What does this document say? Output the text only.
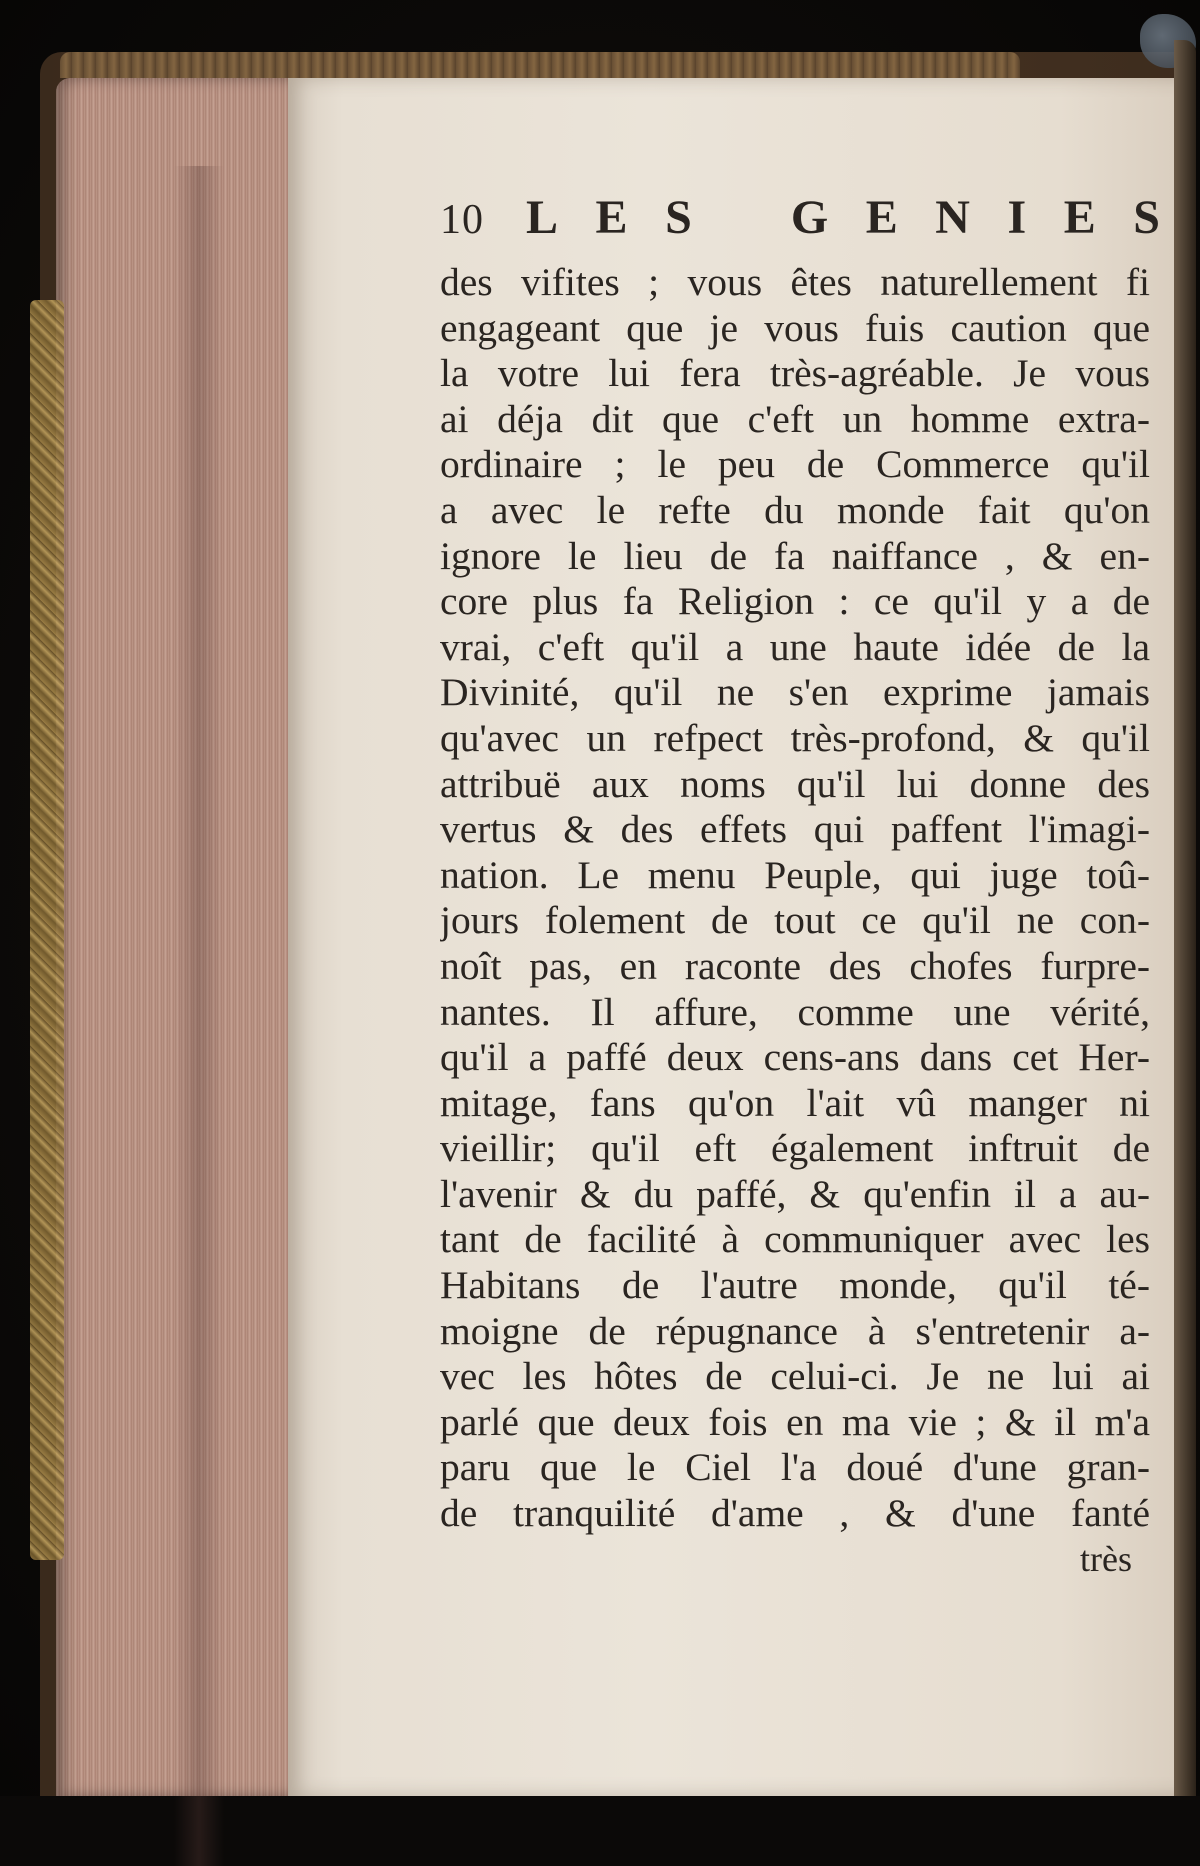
10 L E S G E N I E S
des vifites ; vous êtes naturellement fi
engageant que je vous fuis caution que
la votre lui fera très-agréable. Je vous
ai déja dit que c'eft un homme extra-
ordinaire ; le peu de Commerce qu'il
a avec le refte du monde fait qu'on
ignore le lieu de fa naiffance , & en-
core plus fa Religion : ce qu'il y a de
vrai, c'eft qu'il a une haute idée de la
Divinité, qu'il ne s'en exprime jamais
qu'avec un refpect très-profond, & qu'il
attribuë aux noms qu'il lui donne des
vertus & des effets qui paffent l'imagi-
nation. Le menu Peuple, qui juge toû-
jours folement de tout ce qu'il ne con-
noît pas, en raconte des chofes furpre-
nantes. Il affure, comme une vérité,
qu'il a paffé deux cens-ans dans cet Her-
mitage, fans qu'on l'ait vû manger ni
vieillir; qu'il eft également inftruit de
l'avenir & du paffé, & qu'enfin il a au-
tant de facilité à communiquer avec les
Habitans de l'autre monde, qu'il té-
moigne de répugnance à s'entretenir a-
vec les hôtes de celui-ci. Je ne lui ai
parlé que deux fois en ma vie ; & il m'a
paru que le Ciel l'a doué d'une gran-
de tranquilité d'ame , & d'une fanté
très
